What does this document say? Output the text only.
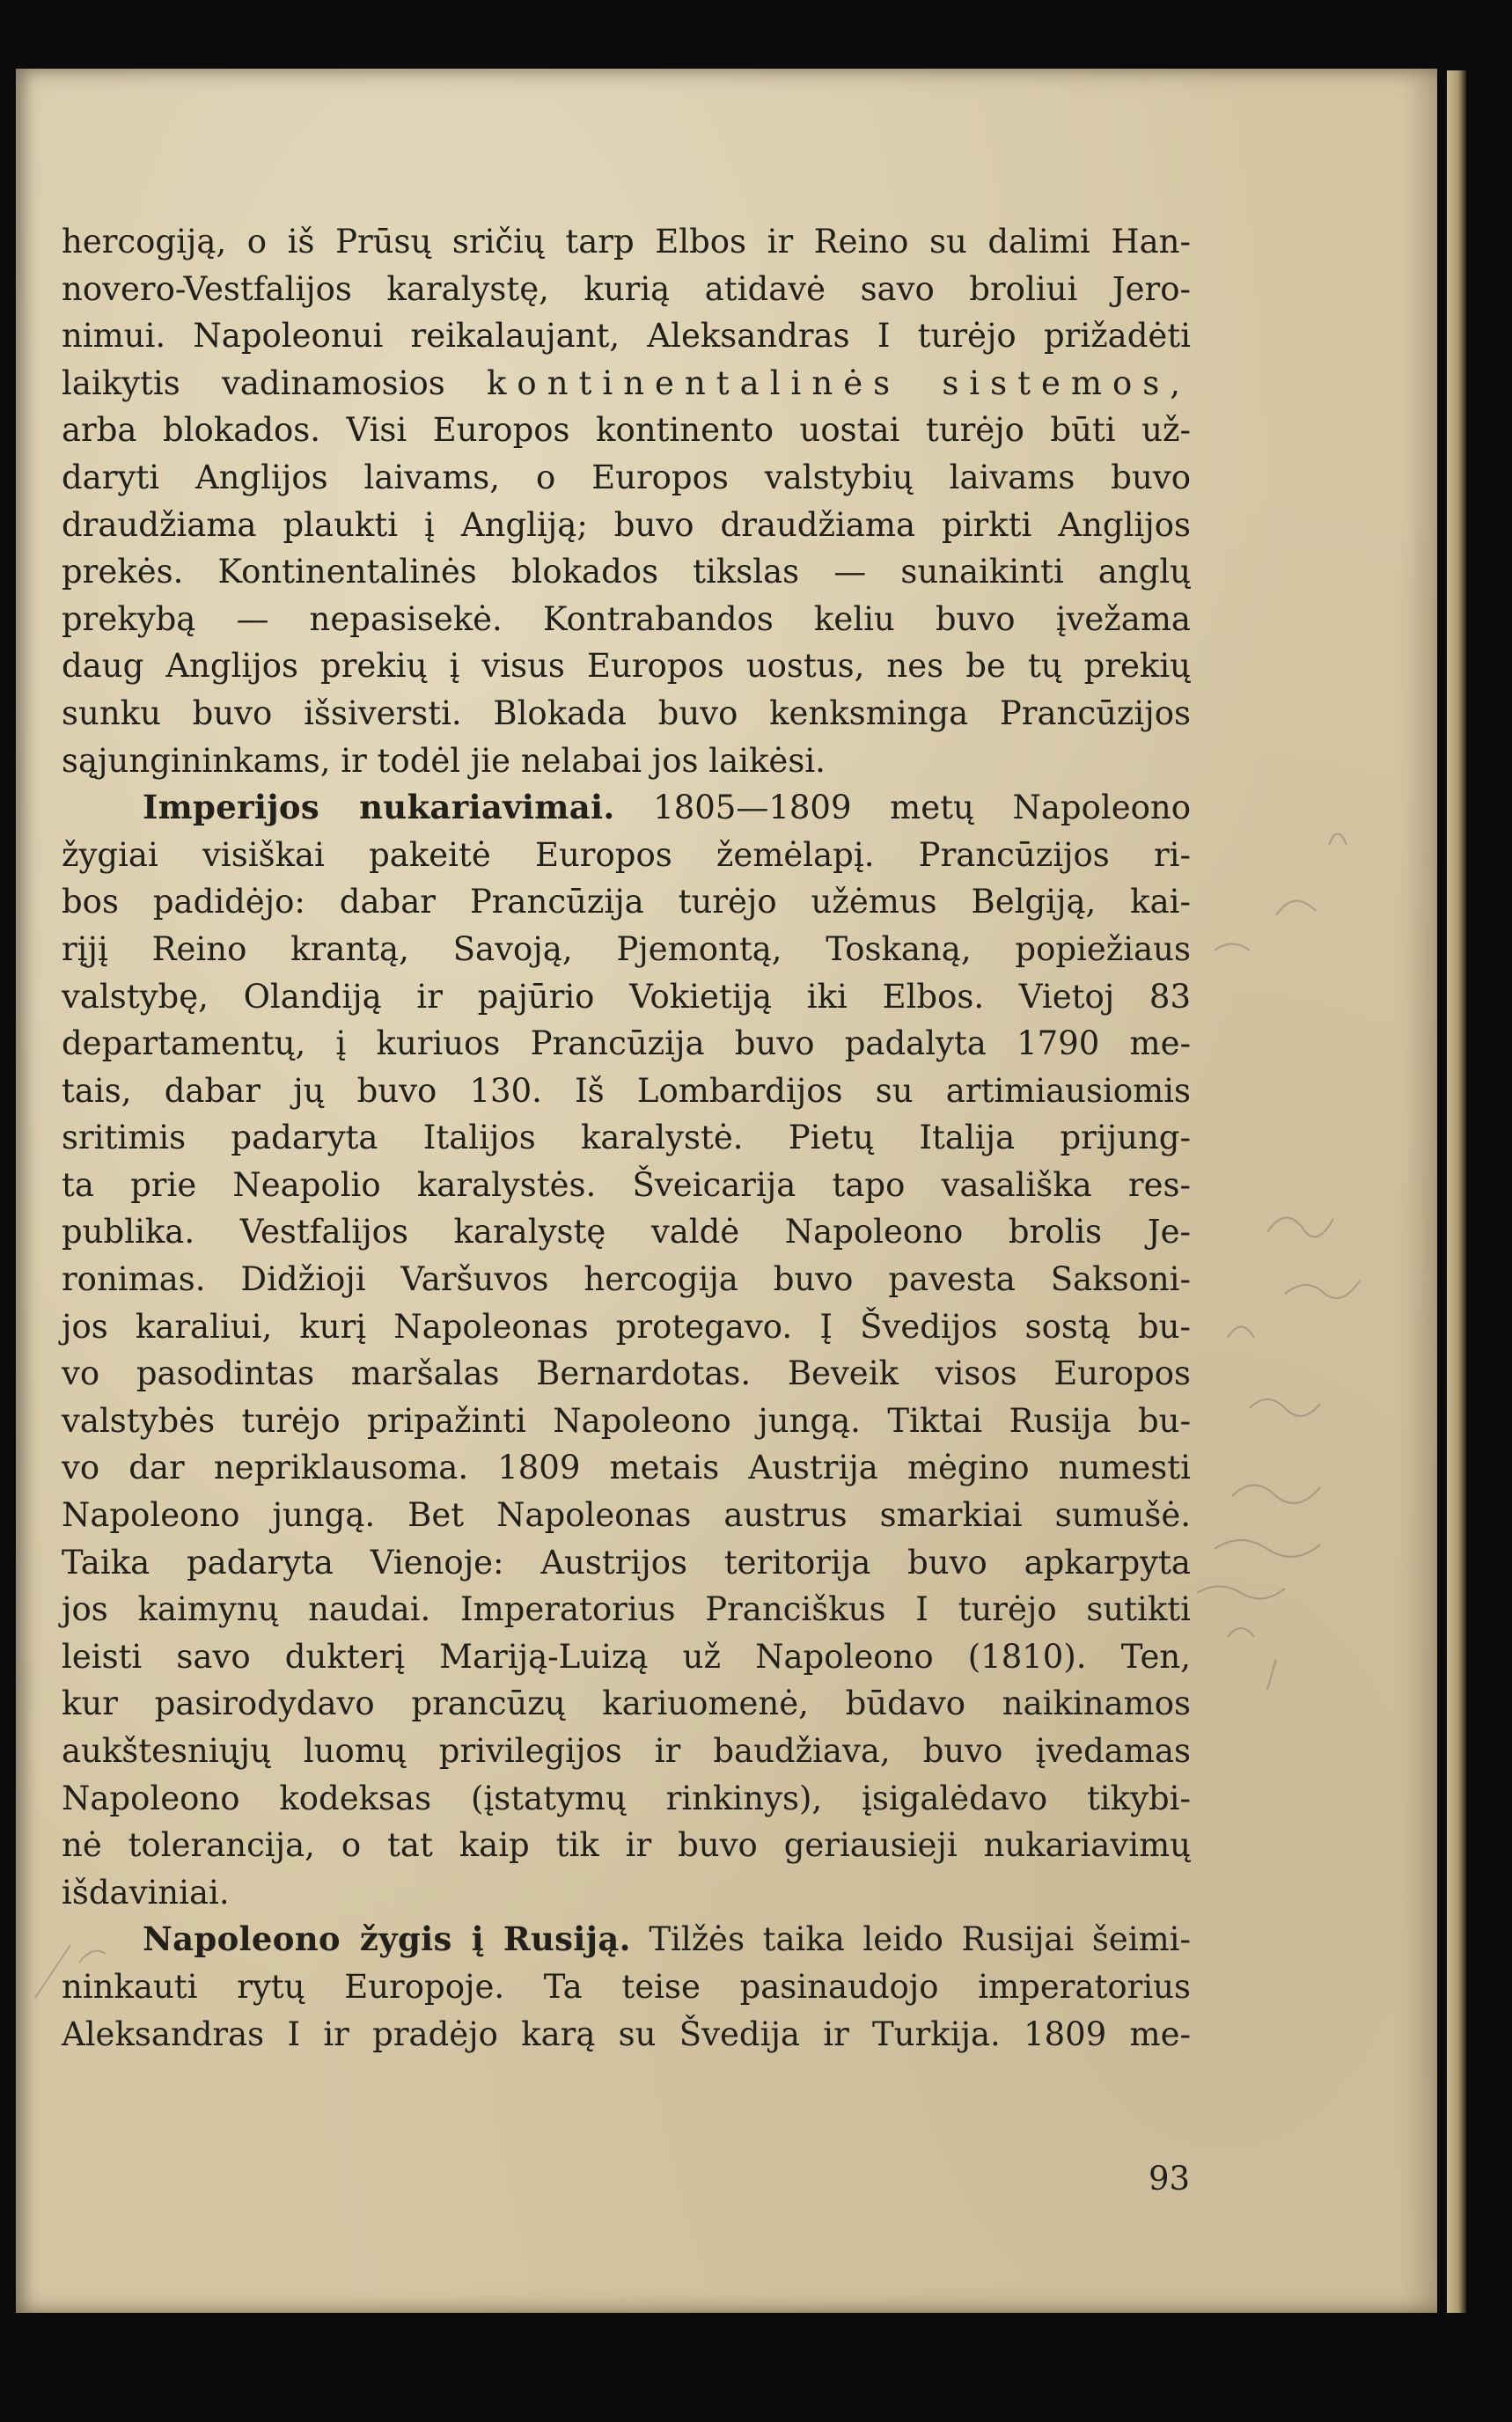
hercogiją, o iš Prūsų sričių tarp Elbos ir Reino su dalimi Han-
novero-Vestfalijos karalystę, kurią atidavė savo broliui Jero-
nimui. Napoleonui reikalaujant, Aleksandras I turėjo prižadėti
laikytis vadinamosios kontinentalinės sistemos,
arba blokados. Visi Europos kontinento uostai turėjo būti už-
daryti Anglijos laivams, o Europos valstybių laivams buvo
draudžiama plaukti į Angliją; buvo draudžiama pirkti Anglijos
prekės. Kontinentalinės blokados tikslas — sunaikinti anglų
prekybą — nepasisekė. Kontrabandos keliu buvo įvežama
daug Anglijos prekių į visus Europos uostus, nes be tų prekių
sunku buvo išsiversti. Blokada buvo kenksminga Prancūzijos
sąjungininkams, ir todėl jie nelabai jos laikėsi.
Imperijos nukariavimai. 1805—1809 metų Napoleono
žygiai visiškai pakeitė Europos žemėlapį. Prancūzijos ri-
bos padidėjo: dabar Prancūzija turėjo užėmus Belgiją, kai-
rįjį Reino krantą, Savoją, Pjemontą, Toskaną, popiežiaus
valstybę, Olandiją ir pajūrio Vokietiją iki Elbos. Vietoj 83
departamentų, į kuriuos Prancūzija buvo padalyta 1790 me-
tais, dabar jų buvo 130. Iš Lombardijos su artimiausiomis
sritimis padaryta Italijos karalystė. Pietų Italija prijung-
ta prie Neapolio karalystės. Šveicarija tapo vasališka res-
publika. Vestfalijos karalystę valdė Napoleono brolis Je-
ronimas. Didžioji Varšuvos hercogija buvo pavesta Saksoni-
jos karaliui, kurį Napoleonas protegavo. Į Švedijos sostą bu-
vo pasodintas maršalas Bernardotas. Beveik visos Europos
valstybės turėjo pripažinti Napoleono jungą. Tiktai Rusija bu-
vo dar nepriklausoma. 1809 metais Austrija mėgino numesti
Napoleono jungą. Bet Napoleonas austrus smarkiai sumušė.
Taika padaryta Vienoje: Austrijos teritorija buvo apkarpyta
jos kaimynų naudai. Imperatorius Pranciškus I turėjo sutikti
leisti savo dukterį Mariją-Luizą už Napoleono (1810). Ten,
kur pasirodydavo prancūzų kariuomenė, būdavo naikinamos
aukštesniųjų luomų privilegijos ir baudžiava, buvo įvedamas
Napoleono kodeksas (įstatymų rinkinys), įsigalėdavo tikybi-
nė tolerancija, o tat kaip tik ir buvo geriausieji nukariavimų
išdaviniai.
Napoleono žygis į Rusiją. Tilžės taika leido Rusijai šeimi-
ninkauti rytų Europoje. Ta teise pasinaudojo imperatorius
Aleksandras I ir pradėjo karą su Švedija ir Turkija. 1809 me-
93
